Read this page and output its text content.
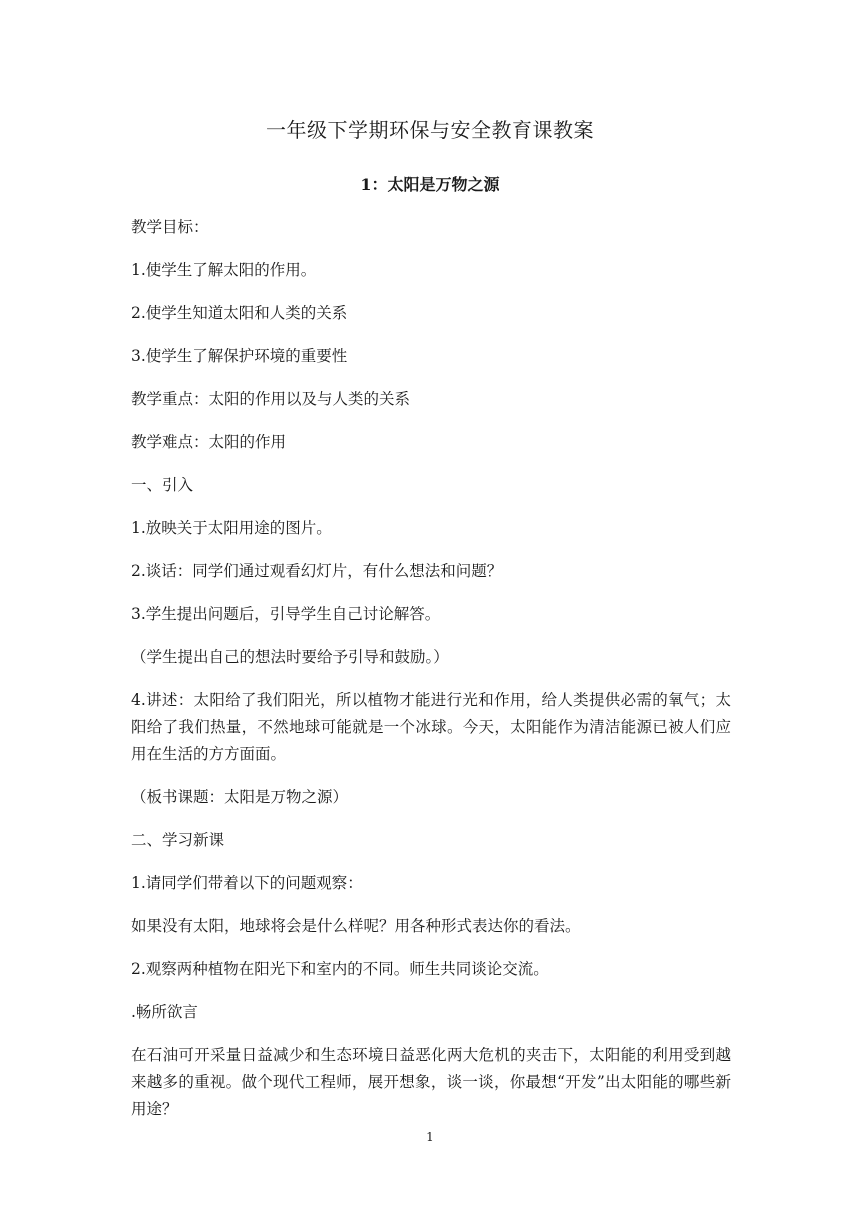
一年级下学期环保与安全教育课教案
1：太阳是万物之源

教学目标：

1.使学生了解太阳的作用。

2.使学生知道太阳和人类的关系

3.使学生了解保护环境的重要性

教学重点：太阳的作用以及与人类的关系

教学难点：太阳的作用

一、引入

1.放映关于太阳用途的图片。

2.谈话：同学们通过观看幻灯片，有什么想法和问题？

3.学生提出问题后，引导学生自己讨论解答。

（学生提出自己的想法时要给予引导和鼓励。）

4.讲述：太阳给了我们阳光，所以植物才能进行光和作用，给人类提供必需的氧气；太阳给了我们热量，不然地球可能就是一个冰球。今天，太阳能作为清洁能源已被人们应用在生活的方方面面。

（板书课题：太阳是万物之源）

二、学习新课

1.请同学们带着以下的问题观察：

如果没有太阳，地球将会是什么样呢？用各种形式表达你的看法。

2.观察两种植物在阳光下和室内的不同。师生共同谈论交流。

.畅所欲言

在石油可开采量日益减少和生态环境日益恶化两大危机的夹击下，太阳能的利用受到越来越多的重视。做个现代工程师，展开想象，谈一谈，你最想“开发”出太阳能的哪些新用途？

1
